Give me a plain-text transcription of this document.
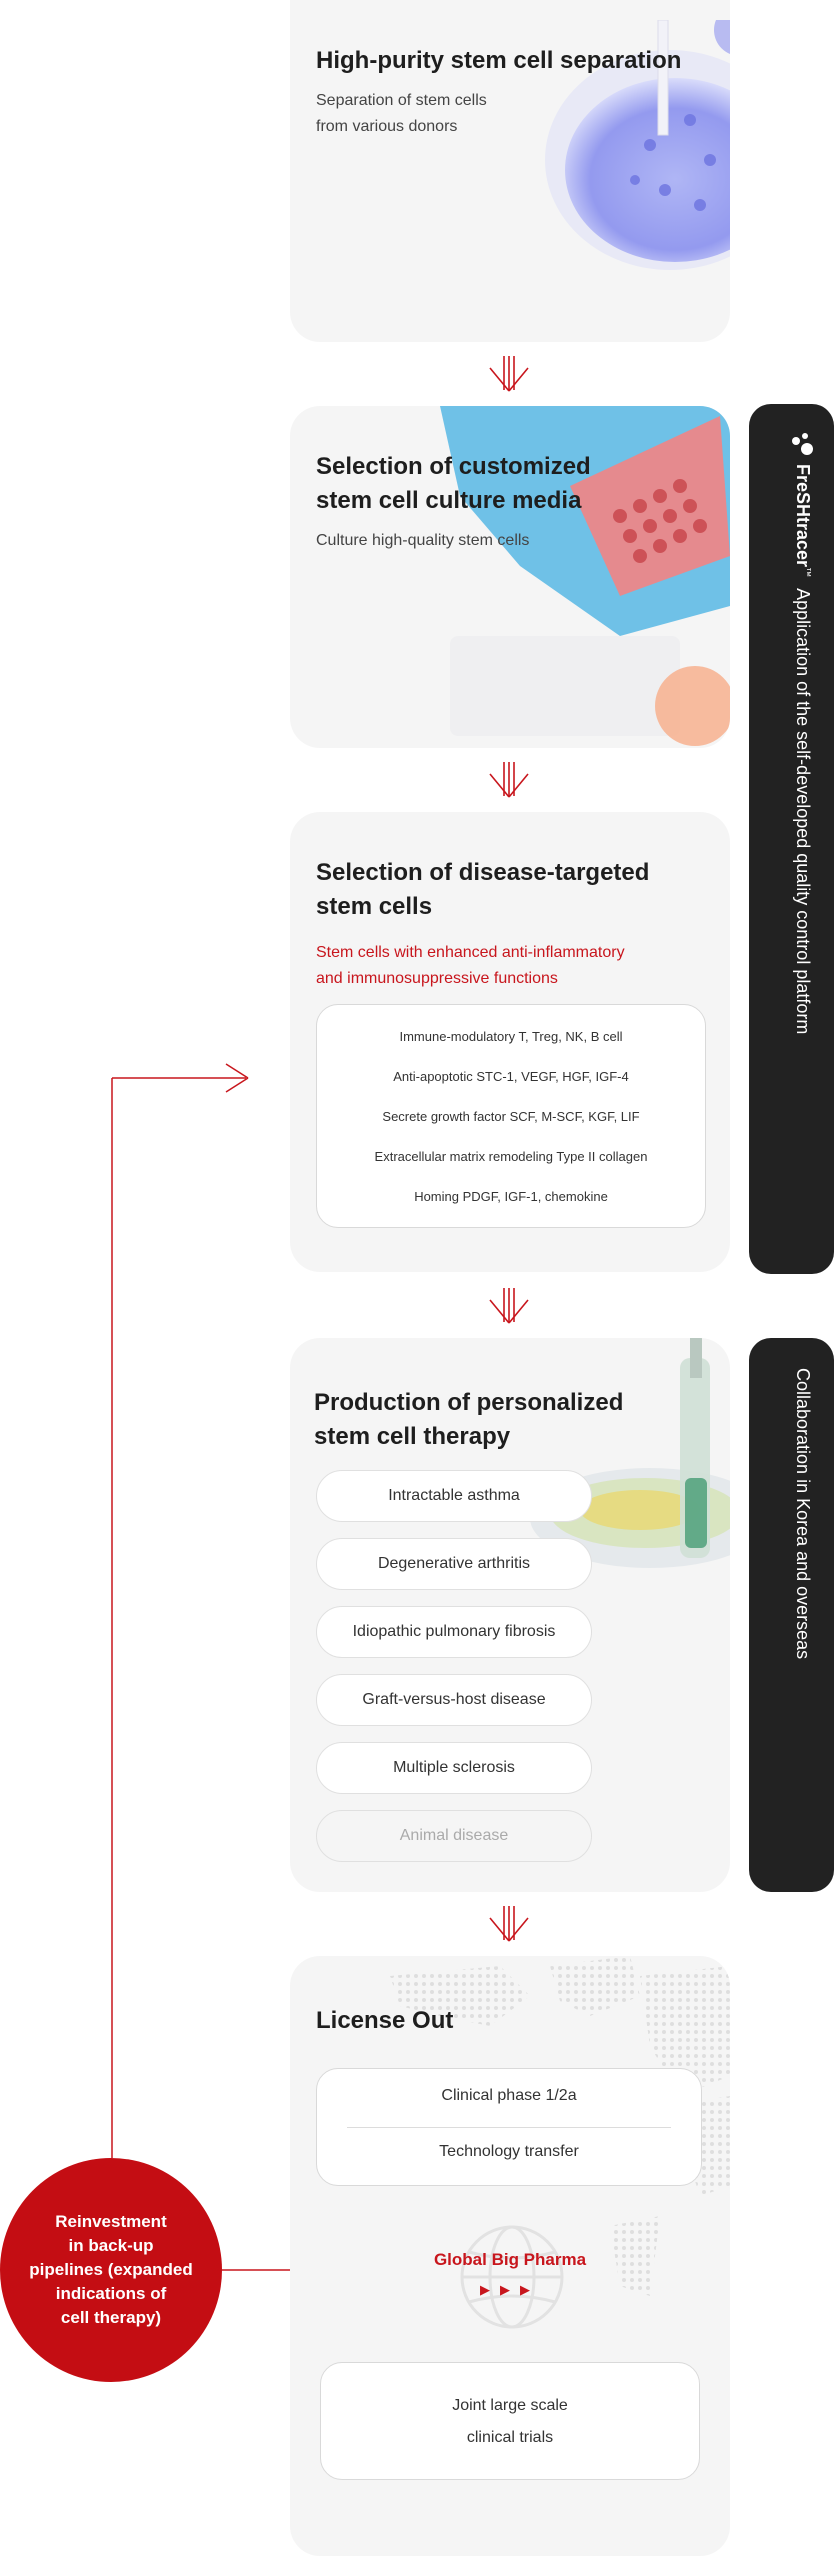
High-purity stem cell separation
Separation of stem cells
from various donors
Selection of customized
stem cell culture media
Culture high-quality stem cells
Selection of disease-targeted
stem cells
Stem cells with enhanced anti-inflammatory
and immunosuppressive functions
Immune-modulatory T, Treg, NK, B cell
Anti-apoptotic STC-1, VEGF, HGF, IGF-4
Secrete growth factor SCF, M-SCF, KGF, LIF
Extracellular matrix remodeling Type II collagen
Homing PDGF, IGF-1, chemokine
Production of personalized
stem cell therapy
Intractable asthma
Degenerative arthritis
Idiopathic pulmonary fibrosis
Graft-versus-host disease
Multiple sclerosis
Animal disease
License Out
Clinical phase 1/2a
Technology transfer
Global Big Pharma
▶▶▶
Joint large scale
clinical trials
FreSHtracer™ Application of the self-developed quality control platform
Collaboration in Korea and overseas
Reinvestment
in back-up
pipelines (expanded
indications of
cell therapy)
